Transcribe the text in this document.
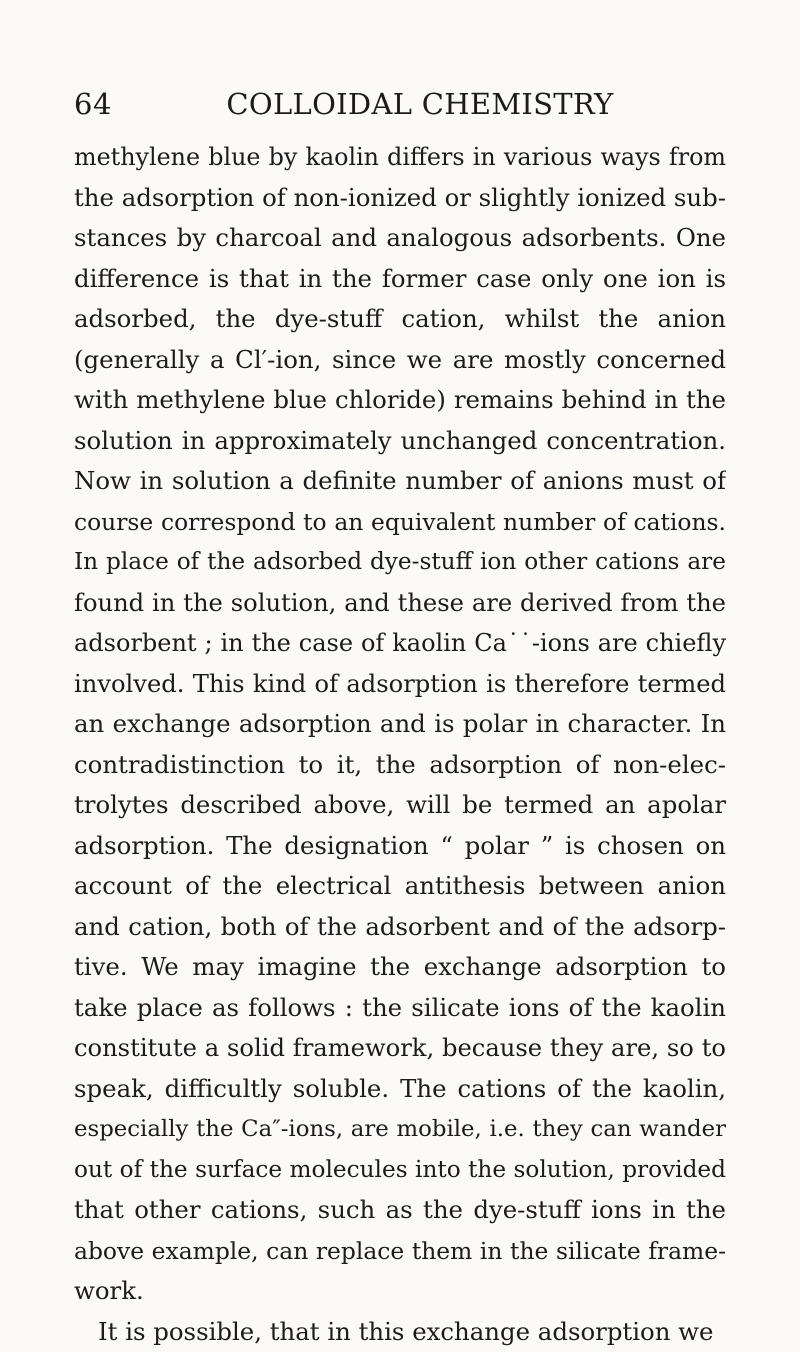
64	COLLOIDAL CHEMISTRY
methylene blue by kaolin differs in various ways from
the adsorption of non-ionized or slightly ionized sub-
stances by charcoal and analogous adsorbents. One
difference is that in the former case only one ion is
adsorbed, the dye-stuff cation, whilst the anion
(generally a Cl′-ion, since we are mostly concerned
with methylene blue chloride) remains behind in the
solution in approximately unchanged concentration.
Now in solution a definite number of anions must of
course correspond to an equivalent number of cations.
In place of the adsorbed dye-stuff ion other cations are
found in the solution, and these are derived from the
adsorbent ; in the case of kaolin Ca˙˙-ions are chiefly
involved. This kind of adsorption is therefore termed
an exchange adsorption and is polar in character. In
contradistinction to it, the adsorption of non-elec-
trolytes described above, will be termed an apolar
adsorption. The designation “ polar ” is chosen on
account of the electrical antithesis between anion
and cation, both of the adsorbent and of the adsorp-
tive. We may imagine the exchange adsorption to
take place as follows : the silicate ions of the kaolin
constitute a solid framework, because they are, so to
speak, difficultly soluble. The cations of the kaolin,
especially the Ca″-ions, are mobile, i.e. they can wander
out of the surface molecules into the solution, provided
that other cations, such as the dye-stuff ions in the
above example, can replace them in the silicate frame-
work.
It is possible, that in this exchange adsorption we
